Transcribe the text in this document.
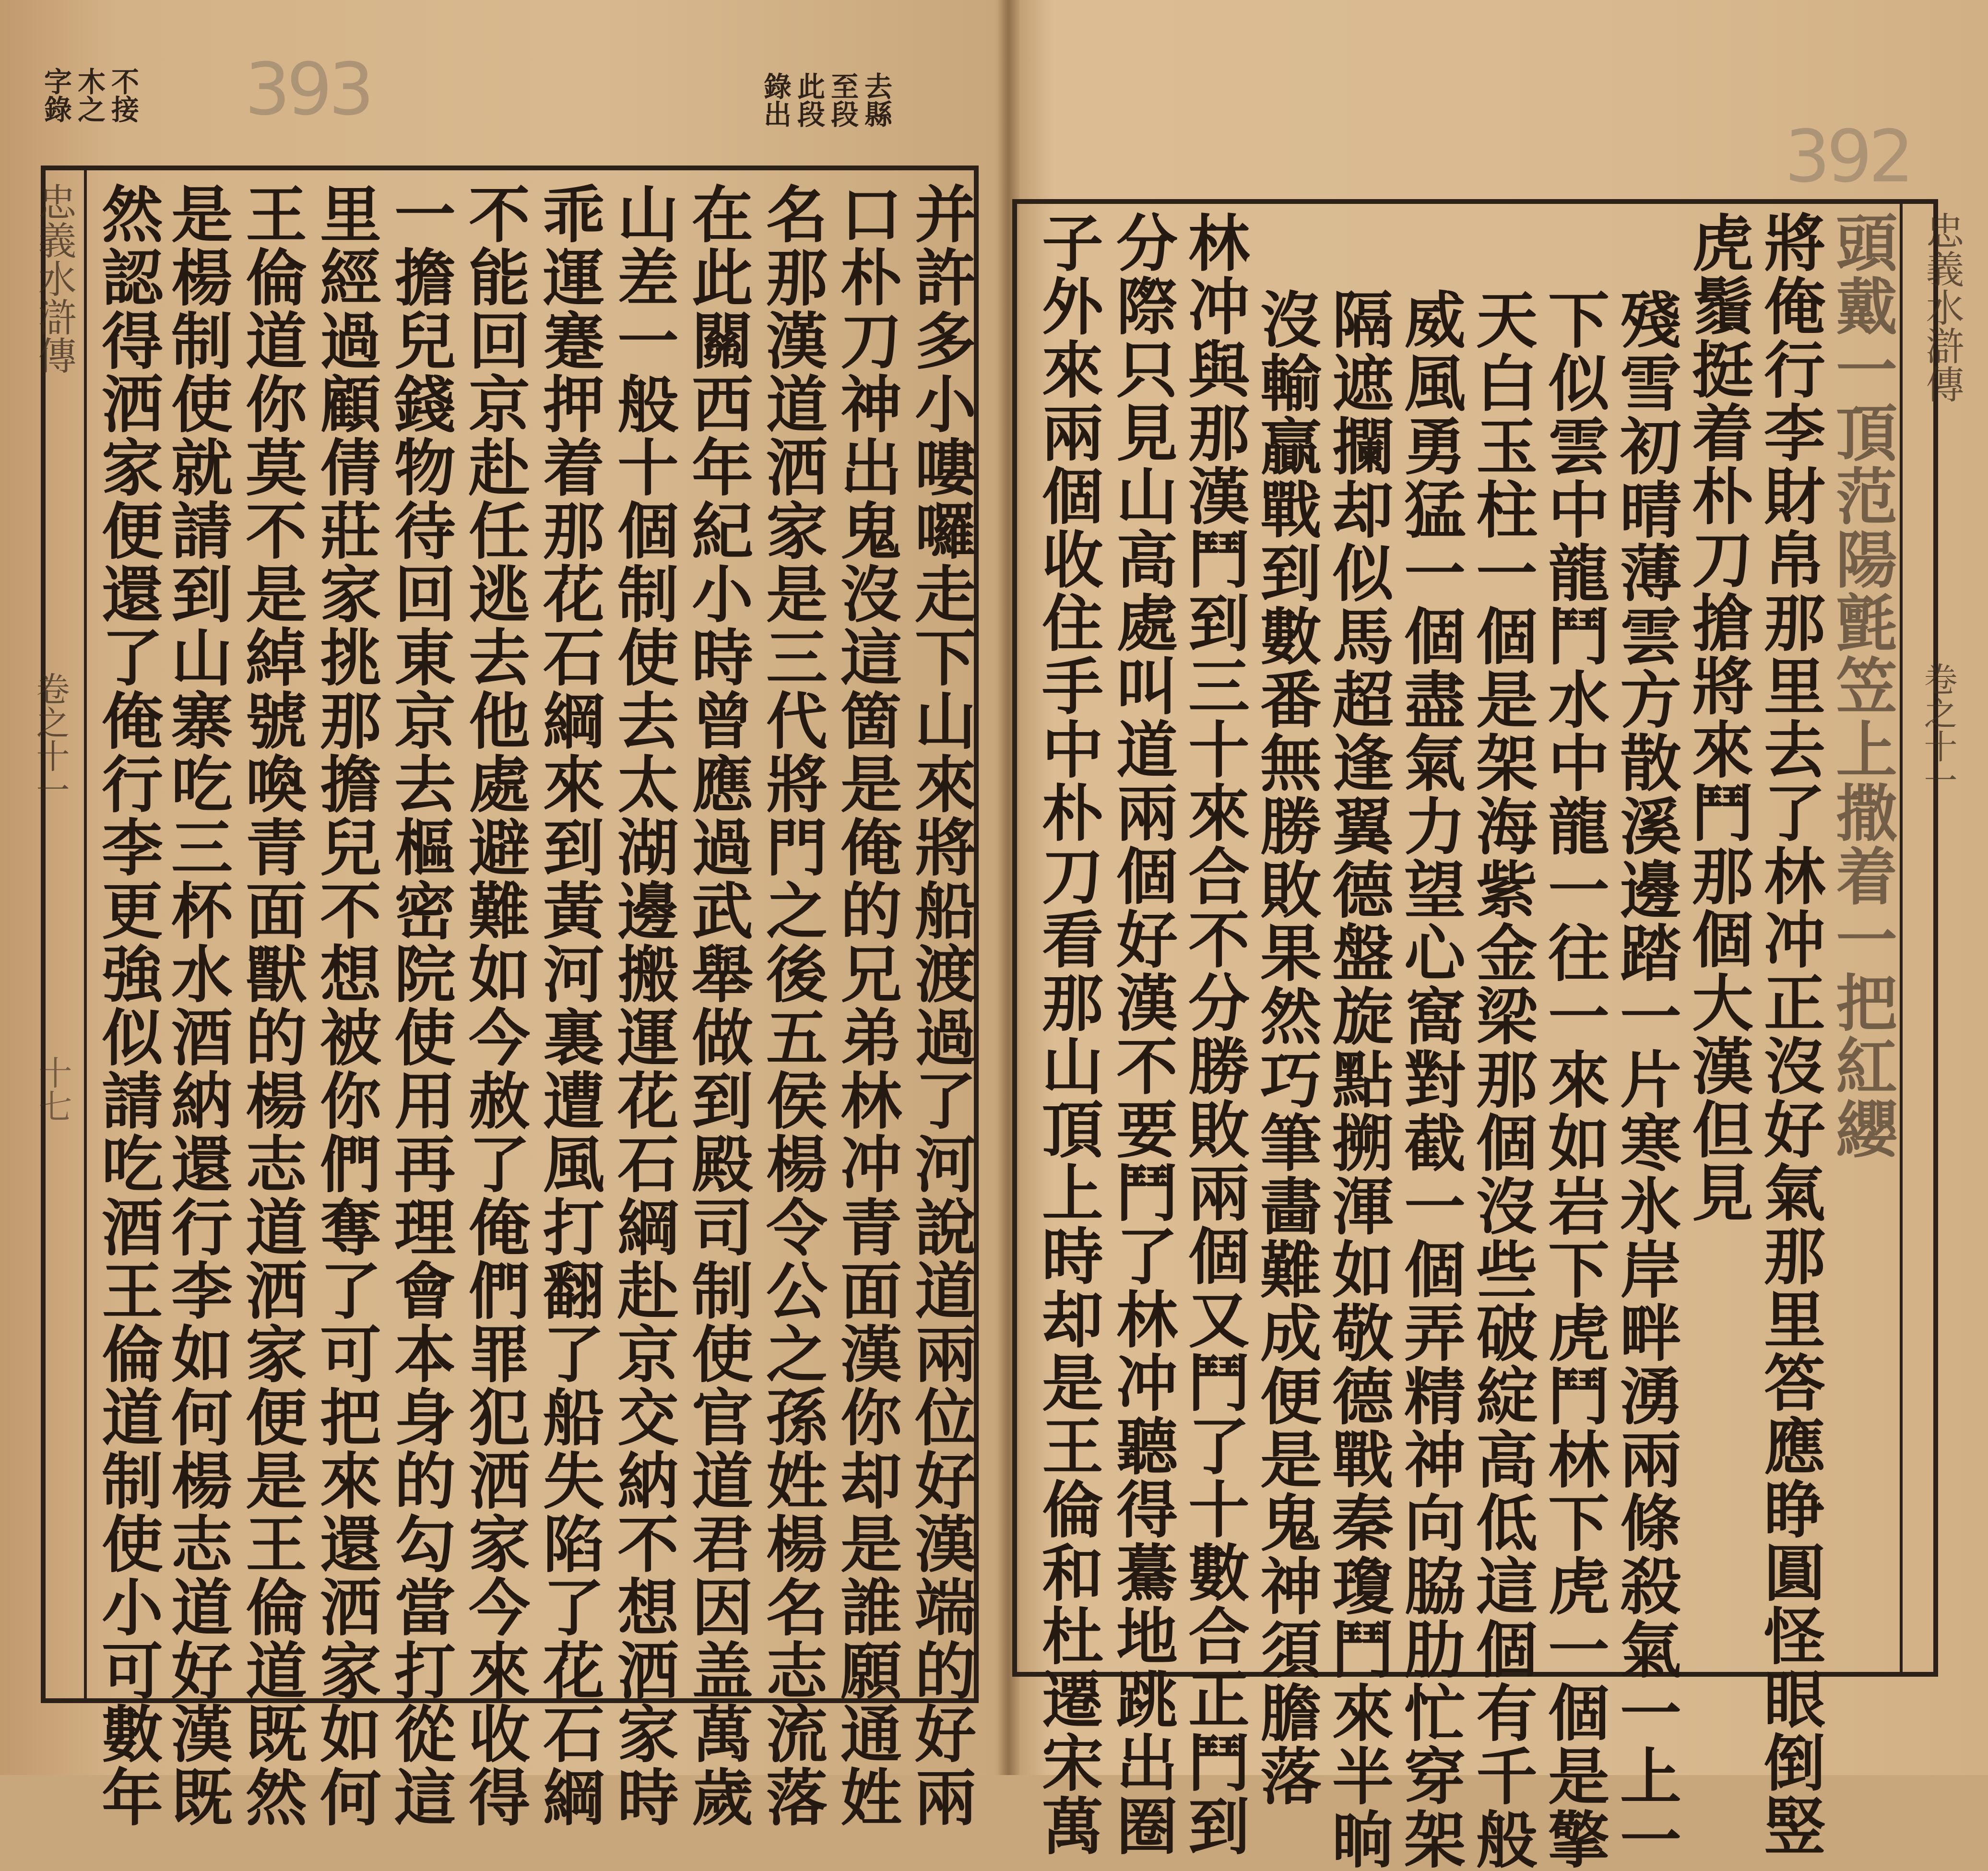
393	此段 至段 去縣
錄出
不接
木之
字錄
忠義水滸傳
卷之十一
十七	并許多小嘍囉走下山來將船渡過了河說道兩位好漢端的好兩
口朴刀神出鬼沒這箇是俺的兄弟林冲青面漢你却是誰願通姓
名那漢道洒家是三代將門之後五侯楊令公之孫姓楊名志流落
在此關西年紀小時曾應過武舉做到殿司制使官道君因盖萬歲
山差一般十個制使去太湖邊搬運花石綱赴京交納不想洒家時
乖運蹇押着那花石綱來到黃河裏遭風打翻了船失陷了花石綱
不能回京赴任逃去他處避難如今赦了俺們罪犯洒家今來收得
一擔兒錢物待回東京去樞密院使用再理會本身的勾當打從這
里經過顧倩莊家挑那擔兒不想被你們奪了可把來還洒家如何
王倫道你莫不是綽號喚青面獸的楊志道洒家便是王倫道既然
是楊制使就請到山寨吃三杯水酒納還行李如何楊志道好漢既
然認得洒家便還了俺行李更強似請吃酒王倫道制使小可數年
392
忠義水滸傳
卷之十一
頭戴一頂范陽氈笠上撒着一把紅纓
將俺行李財帛那里去了林冲正沒好氣那里答應睁圓怪眼倒竪
虎鬚挺着朴刀搶將來鬥那個大漢但見
殘雪初晴薄雲方散溪邊踏一片寒氷岸畔湧兩條殺氣一上一
下似雲中龍鬥水中龍一往一來如岩下虎鬥林下虎一個是擎
天白玉柱一個是架海紫金梁那個沒些破綻高低這個有千般
威風勇猛一個盡氣力望心窩對截一個弄精神向脇肋忙穿架
隔遮攔却似馬超逢翼德盤旋點搠渾如敬德戰秦瓊鬥來半晌
沒輸贏戰到數番無勝敗果然巧筆畵難成便是鬼神須膽落
林冲與那漢鬥到三十來合不分勝敗兩個又鬥了十數合正鬥到
分際只見山高處叫道兩個好漢不要鬥了林冲聽得驀地跳出圈
子外來兩個收住手中朴刀看那山頂上時却是王倫和杜遷宋萬
